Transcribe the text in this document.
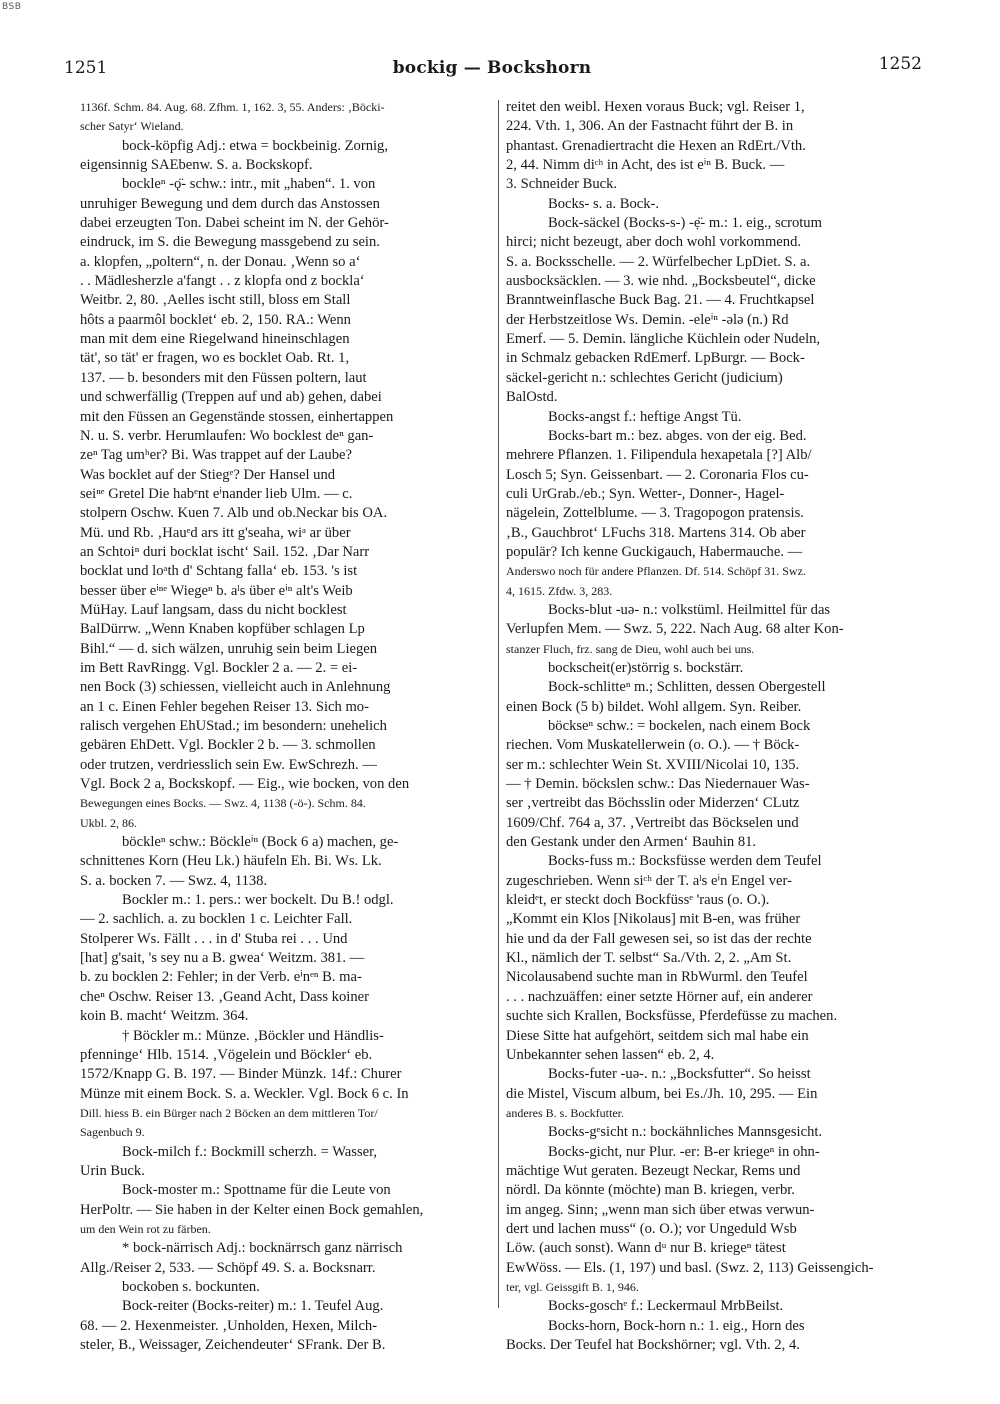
BSB
1251	bockig — Bockshorn	1252
1136f. Schm. 84. Aug. 68. Zfhm. 1, 162. 3, 55. Anders: ‚Böcki-
scher Satyr‘ Wieland.
bock-köpfig Adj.: etwa = bockbeinig. Zornig,
eigensinnig SAEbenw. S. a. Bockskopf.
bockleⁿ -ǫ̈- schw.: intr., mit „haben“. 1. von
unruhiger Bewegung und dem durch das Anstossen
dabei erzeugten Ton. Dabei scheint im N. der Gehör-
eindruck, im S. die Bewegung massgebend zu sein.
a. klopfen, „poltern“, n. der Donau. ‚Wenn so a‘
. . Mädlesherzle a'fangt . . z klopfa ond z bockla‘
Weitbr. 2, 80. ‚Aelles ischt still, bloss em Stall
hôts a paarmôl bocklet‘ eb. 2, 150. RA.: Wenn
man mit dem eine Riegelwand hineinschlagen
tät', so tät' er fragen, wo es bocklet Oab. Rt. 1,
137. — b. besonders mit den Füssen poltern, laut
und schwerfällig (Treppen auf und ab) gehen, dabei
mit den Füssen an Gegenstände stossen, einhertappen
N. u. S. verbr. Herumlaufen: Wo bocklest deⁿ gan-
zeⁿ Tag umʰer? Bi. Was trappet auf der Laube?
Was bocklet auf der Stiegᵉ? Der Hansel und
seiⁿᵉ Gretel Die habᵉnt eⁱnander lieb Ulm. — c.
stolpern Oschw. Kuen 7. Alb und ob.Neckar bis OA.
Mü. und Rb. ‚Hauᵉd ars itt g'seaha, wiᵃ ar über
an Schtoiⁿ duri bocklat ischt‘ Sail. 152. ‚Dar Narr
bocklat und loᵃth d' Schtang falla‘ eb. 153. 's ist
besser über eⁱⁿᵉ Wiegeⁿ b. aˡs über eⁱⁿ alt's Weib
MüHay. Lauf langsam, dass du nicht bocklest
BalDürrw. „Wenn Knaben kopfüber schlagen Lp
Bihl.“ — d. sich wälzen, unruhig sein beim Liegen
im Bett RavRingg. Vgl. Bockler 2 a. — 2. = ei-
nen Bock (3) schiessen, vielleicht auch in Anlehnung
an 1 c. Einen Fehler begehen Reiser 13. Sich mo-
ralisch vergehen EhUStad.; im besondern: unehelich
gebären EhDett. Vgl. Bockler 2 b. — 3. schmollen
oder trutzen, verdriesslich sein Ew. EwSchrezh. —
Vgl. Bock 2 a, Bockskopf. — Eig., wie bocken, von den
Bewegungen eines Bocks. — Swz. 4, 1138 (-ö-). Schm. 84.
Ukbl. 2, 86.
böckleⁿ schw.: Böckleⁱⁿ (Bock 6 a) machen, ge-
schnittenes Korn (Heu Lk.) häufeln Eh. Bi. Ws. Lk.
S. a. bocken 7. — Swz. 4, 1138.
Bockler m.: 1. pers.: wer bockelt. Du B.! odgl.
— 2. sachlich. a. zu bocklen 1 c. Leichter Fall.
Stolperer Ws. Fällt . . . in d' Stuba rei . . . Und
[hat] g'sait, 's sey nu a B. gwea‘ Weitzm. 381. —
b. zu bocklen 2: Fehler; in der Verb. eⁱnᵉⁿ B. ma-
cheⁿ Oschw. Reiser 13. ‚Geand Acht, Dass koiner
koin B. macht‘ Weitzm. 364.
† Böckler m.: Münze. ‚Böckler und Händlis-
pfenninge‘ Hlb. 1514. ‚Vögelein und Böckler‘ eb.
1572/Knapp G. B. 197. — Binder Münzk. 14f.: Churer
Münze mit einem Bock. S. a. Weckler. Vgl. Bock 6 c. In
Dill. hiess B. ein Bürger nach 2 Böcken an dem mittleren Tor/
Sagenbuch 9.
Bock-milch f.: Bockmill scherzh. = Wasser,
Urin Buck.
Bock-moster m.: Spottname für die Leute von
HerPoltr. — Sie haben in der Kelter einen Bock gemahlen,
um den Wein rot zu färben.
* bock-närrisch Adj.: bocknärrsch ganz närrisch
Allg./Reiser 2, 533. — Schöpf 49. S. a. Bocksnarr.
bockoben s. bockunten.
Bock-reiter (Bocks-reiter) m.: 1. Teufel Aug.
68. — 2. Hexenmeister. ‚Unholden, Hexen, Milch-
steler, B., Weissager, Zeichendeuter‘ SFrank. Der B.
reitet den weibl. Hexen voraus Buck; vgl. Reiser 1,
224. Vth. 1, 306. An der Fastnacht führt der B. in
phantast. Grenadiertracht die Hexen an RdErt./Vth.
2, 44. Nimm diᶜʰ in Acht, des ist eⁱⁿ B. Buck. —
3. Schneider Buck.
Bocks- s. a. Bock-.
Bock-säckel (Bocks-s-) -ẹ̈- m.: 1. eig., scrotum
hirci; nicht bezeugt, aber doch wohl vorkommend.
S. a. Bocksschelle. — 2. Würfelbecher LpDiet. S. a.
ausbocksäcklen. — 3. wie nhd. „Bocksbeutel“, dicke
Branntweinflasche Buck Bag. 21. — 4. Fruchtkapsel
der Herbstzeitlose Ws. Demin. -eleⁱⁿ -ələ (n.) Rd
Emerf. — 5. Demin. längliche Küchlein oder Nudeln,
in Schmalz gebacken RdEmerf. LpBurgr. — Bock-
säckel-gericht n.: schlechtes Gericht (judicium)
BalOstd.
Bocks-angst f.: heftige Angst Tü.
Bocks-bart m.: bez. abges. von der eig. Bed.
mehrere Pflanzen. 1. Filipendula hexapetala [?] Alb/
Losch 5; Syn. Geissenbart. — 2. Coronaria Flos cu-
culi UrGrab./eb.; Syn. Wetter-, Donner-, Hagel-
nägelein, Zottelblume. — 3. Tragopogon pratensis.
‚B., Gauchbrot‘ LFuchs 318. Martens 314. Ob aber
populär? Ich kenne Guckigauch, Habermauche. —
Anderswo noch für andere Pflanzen. Df. 514. Schöpf 31. Swz.
4, 1615. Zfdw. 3, 283.
Bocks-blut -uə- n.: volkstüml. Heilmittel für das
Verlupfen Mem. — Swz. 5, 222. Nach Aug. 68 alter Kon-
stanzer Fluch, frz. sang de Dieu, wohl auch bei uns.
bockscheit(er)störrig s. bockstärr.
Bock-schlitteⁿ m.; Schlitten, dessen Obergestell
einen Bock (5 b) bildet. Wohl allgem. Syn. Reiber.
böckseⁿ schw.: = bockelen, nach einem Bock
riechen. Vom Muskatellerwein (o. O.). — † Böck-
ser m.: schlechter Wein St. XVIII/Nicolai 10, 135.
— † Demin. böckslen schw.: Das Niedernauer Was-
ser ‚vertreibt das Böchsslin oder Miderzen‘ CLutz
1609/Chf. 764 a, 37. ‚Vertreibt das Böckselen und
den Gestank under den Armen‘ Bauhin 81.
Bocks-fuss m.: Bocksfüsse werden dem Teufel
zugeschrieben. Wenn siᶜʰ der T. aˡs eⁱn Engel ver-
kleidᵉt, er steckt doch Bockfüssᵉ 'raus (o. O.).
„Kommt ein Klos [Nikolaus] mit B-en, was früher
hie und da der Fall gewesen sei, so ist das der rechte
Kl., nämlich der T. selbst“ Sa./Vth. 2, 2. „Am St.
Nicolausabend suchte man in RbWurml. den Teufel
. . . nachzuäffen: einer setzte Hörner auf, ein anderer
suchte sich Krallen, Bocksfüsse, Pferdefüsse zu machen.
Diese Sitte hat aufgehört, seitdem sich mal habe ein
Unbekannter sehen lassen“ eb. 2, 4.
Bocks-futer -uə-. n.: „Bocksfutter“. So heisst
die Mistel, Viscum album, bei Es./Jh. 10, 295. — Ein
anderes B. s. Bockfutter.
Bocks-gᵉsicht n.: bockähnliches Mannsgesicht.
Bocks-gicht, nur Plur. -er: B-er kriegeⁿ in ohn-
mächtige Wut geraten. Bezeugt Neckar, Rems und
nördl. Da könnte (möchte) man B. kriegen, verbr.
im angeg. Sinn; „wenn man sich über etwas verwun-
dert und lachen muss“ (o. O.); vor Ungeduld Wsb
Löw. (auch sonst). Wann dᵘ nur B. kriegeⁿ tätest
EwWöss. — Els. (1, 197) und basl. (Swz. 2, 113) Geissengich-
ter, vgl. Geissgift B. 1, 946.
Bocks-goschᵉ f.: Leckermaul MrbBeilst.
Bocks-horn, Bock-horn n.: 1. eig., Horn des
Bocks. Der Teufel hat Bockshörner; vgl. Vth. 2, 4.
